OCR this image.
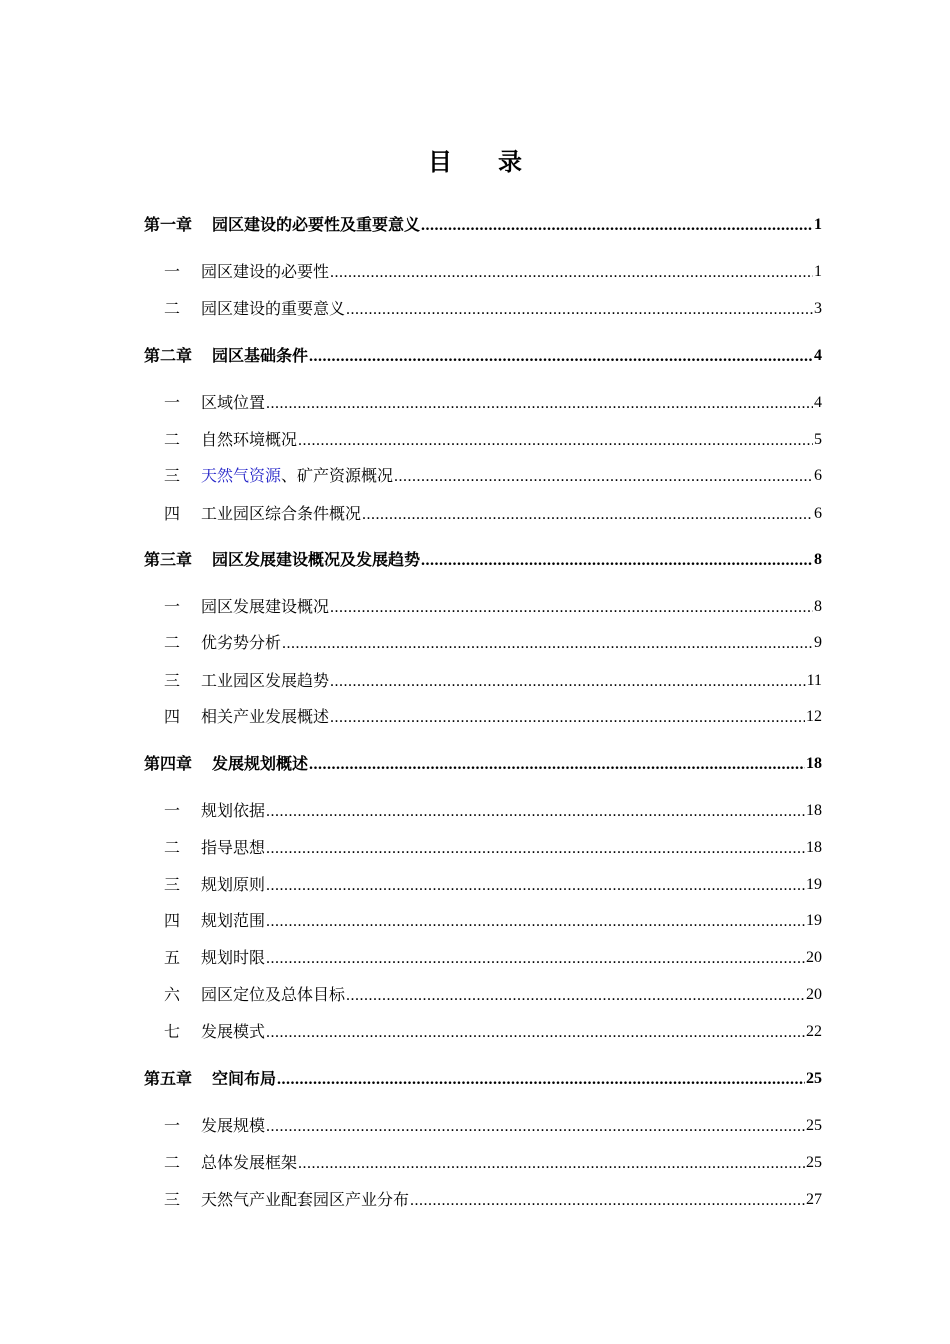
目 录
第一章 园区建设的必要性及重要意义 .....	1
一	园区建设的必要性 .....	1
二	园区建设的重要意义 .....	3
第二章 园区基础条件 .....	4
一	区域位置 .....	4
二	自然环境概况 .....	5
三	天然气资源、矿产资源概况 .....	6
四	工业园区综合条件概况 .....	6
第三章 园区发展建设概况及发展趋势 .....	8
一	园区发展建设概况 .....	8
二	优劣势分析 .....	9
三	工业园区发展趋势 .....	11
四	相关产业发展概述 .....	12
第四章 发展规划概述 .....	18
一	规划依据 .....	18
二	指导思想 .....	18
三	规划原则 .....	19
四	规划范围 .....	19
五	规划时限 .....	20
六	园区定位及总体目标 .....	20
七	发展模式 .....	22
第五章 空间布局 .....	25
一	发展规模 .....	25
二	总体发展框架 .....	25
三	天然气产业配套园区产业分布 .....	27
